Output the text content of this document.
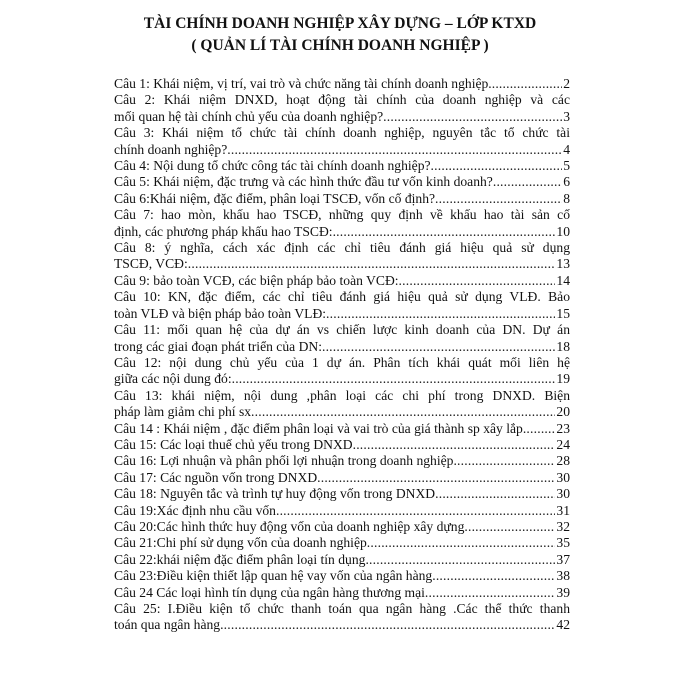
TÀI CHÍNH DOANH NGHIỆP XÂY DỰNG – LỚP KTXD
( QUẢN LÍ TÀI CHÍNH DOANH NGHIỆP )
Câu 1: Khái niệm, vị trí, vai trò và chức năng tài chính doanh nghiệp. .....	2
Câu 2: Khái niệm DNXD, hoạt động tài chính của doanh nghiệp và các
mối quan hệ tài chính chủ yếu của doanh nghiệp? .....	3
Câu 3: Khái niệm tổ chức tài chính doanh nghiệp, nguyên tắc tổ chức tài
chính doanh nghiệp? .....	4
Câu 4: Nội dung tổ chức công tác tài chính doanh nghiệp? .....	5
Câu 5: Khái niệm, đặc trưng và các hình thức đầu tư vốn kinh doanh? .....	6
Câu 6:Khái niệm, đặc điểm, phân loại TSCĐ, vốn cố định? .....	8
Câu 7: hao mòn, khấu hao TSCĐ, những quy định về khấu hao tài sản cố
định, các phương pháp khấu hao TSCĐ: .....	10
Câu 8: ý nghĩa, cách xác định các chỉ tiêu đánh giá hiệu quả sử dụng
TSCĐ, VCĐ: .....	13
Câu 9: bảo toàn VCĐ, các biện pháp bảo toàn VCĐ: .....	14
Câu 10: KN, đặc điểm, các chỉ tiêu đánh giá hiệu quả sử dụng VLĐ. Bảo
toàn VLĐ và biện pháp bảo toàn VLĐ: .....	15
Câu 11: mối quan hệ của dự án vs chiến lược kinh doanh của DN. Dự án
trong các giai đoạn phát triển của DN: .....	18
Câu 12: nội dung chủ yếu của 1 dự án. Phân tích khái quát mối liên hệ
giữa các nội dung đó: .....	19
Câu 13: khái niệm, nội dung ,phân loại các chi phí trong DNXD. Biện
pháp làm giảm chi phí sx .....	20
Câu 14 : Khái niệm , đặc điểm phân loại và vai trò của giá thành sp xây lắp ..... 23
Câu 15: Các loại thuế chủ yếu trong DNXD .....	24
Câu 16: Lợi nhuận và phân phối lợi nhuận trong doanh nghiệp .....	28
Câu 17: Các nguồn vốn trong DNXD .....	30
Câu 18: Nguyên tắc và trình tự huy động vốn trong DNXD .....	30
Câu 19:Xác định nhu cầu vốn .....	31
Câu 20:Các hình thức huy động vốn của doanh nghiệp xây dựng .....	32
Câu 21:Chi phí sử dụng vốn của doanh nghiệp .....	35
Câu 22:khái niệm đặc điểm phân loại tín dụng .....	37
Câu 23:Điều kiện thiết lập quan hệ vay vốn của ngân hàng .....	38
Câu 24 Các loại hình tín dụng của ngân hàng thương mại .....	39
Câu 25: I.Điều kiện tổ chức thanh toán qua ngân hàng .Các thể thức thanh
toán qua ngân hàng .....	42
